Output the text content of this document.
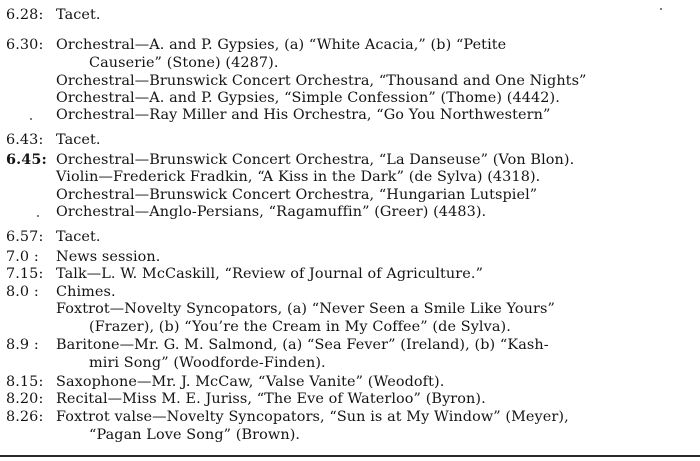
6.28: Tacet.
6.30: Orchestral—A. and P. Gypsies, (a) “White Acacia,” (b) “Petite
Causerie” (Stone) (4287).
Orchestral—Brunswick Concert Orchestra, “Thousand and One Nights”
Orchestral—A. and P. Gypsies, “Simple Confession” (Thome) (4442).
Orchestral—Ray Miller and His Orchestra, “Go You Northwestern”
6.43: Tacet.
6.45: Orchestral—Brunswick Concert Orchestra, “La Danseuse” (Von Blon).
Violin—Frederick Fradkin, “A Kiss in the Dark” (de Sylva) (4318).
Orchestral—Brunswick Concert Orchestra, “Hungarian Lutspiel”
Orchestral—Anglo-Persians, “Ragamuffin” (Greer) (4483).
6.57: Tacet.
7.0 :	News session.
7.15: Talk—L. W. McCaskill, “Review of Journal of Agriculture.”
8.0 :	Chimes.
Foxtrot—Novelty Syncopators, (a) “Never Seen a Smile Like Yours”
(Frazer), (b) “You’re the Cream in My Coffee” (de Sylva).
8.9 :	Baritone—Mr. G. M. Salmond, (a) “Sea Fever” (Ireland), (b) “Kash-
miri Song” (Woodforde-Finden).
8.15: Saxophone—Mr. J. McCaw, “Valse Vanite” (Weodoft).
8.20: Recital—Miss M. E. Juriss, “The Eve of Waterloo” (Byron).
8.26: Foxtrot valse—Novelty Syncopators, “Sun is at My Window” (Meyer),
“Pagan Love Song” (Brown).
